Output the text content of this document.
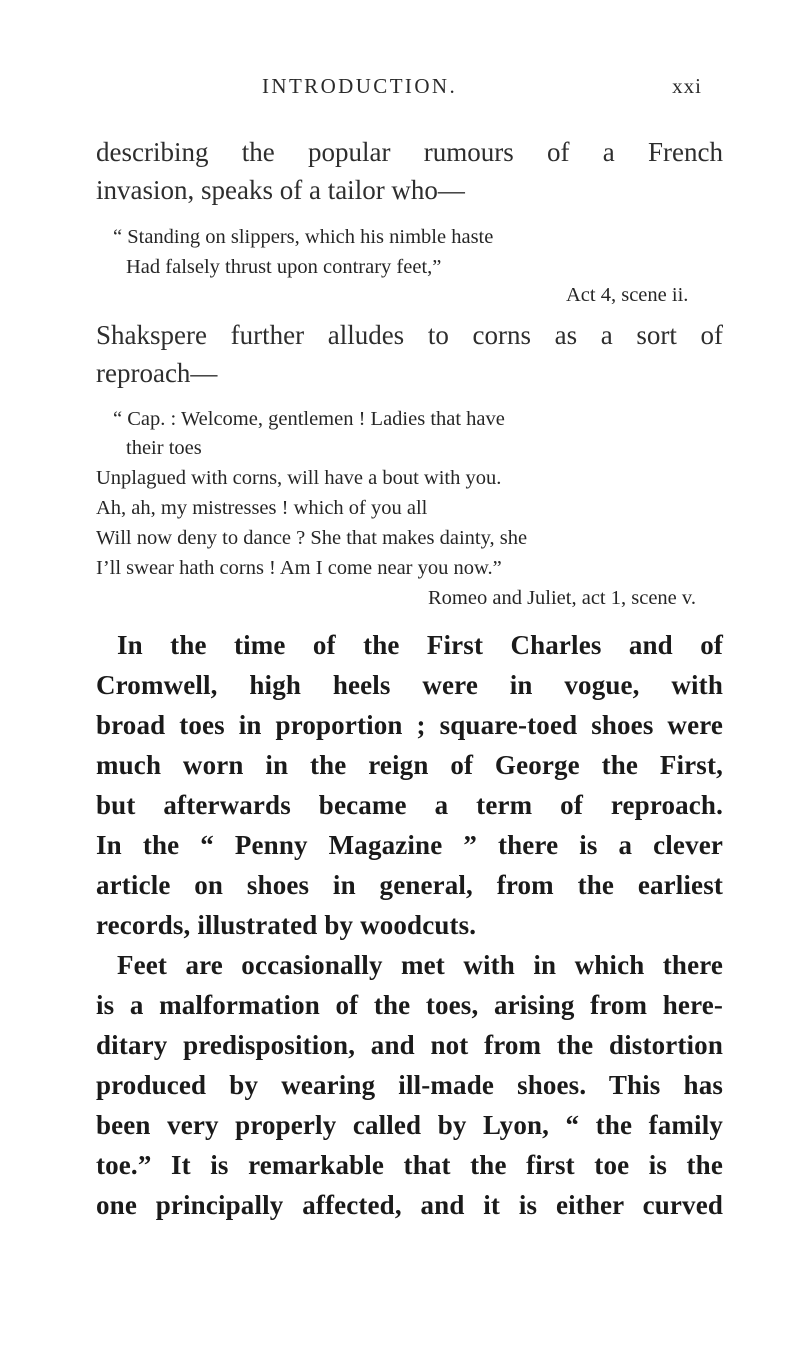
INTRODUCTION.	xxi
describing the popular rumours of a French
invasion, speaks of a tailor who—
“ Standing on slippers, which his nimble haste
Had falsely thrust upon contrary feet,”
Act 4, scene ii.
Shakspere further alludes to corns as a sort of
reproach—
“ Cap. : Welcome, gentlemen ! Ladies that have
their toes
Unplagued with corns, will have a bout with you.
Ah, ah, my mistresses ! which of you all
Will now deny to dance ? She that makes dainty, she
I’ll swear hath corns ! Am I come near you now.”
Romeo and Juliet, act 1, scene v.
In the time of the First Charles and of
Cromwell, high heels were in vogue, with
broad toes in proportion ; square-toed shoes were
much worn in the reign of George the First,
but afterwards became a term of reproach.
In the “ Penny Magazine ” there is a clever
article on shoes in general, from the earliest
records, illustrated by woodcuts.
Feet are occasionally met with in which there
is a malformation of the toes, arising from here-
ditary predisposition, and not from the distortion
produced by wearing ill-made shoes. This has
been very properly called by Lyon, “ the family
toe.” It is remarkable that the first toe is the
one principally affected, and it is either curved
